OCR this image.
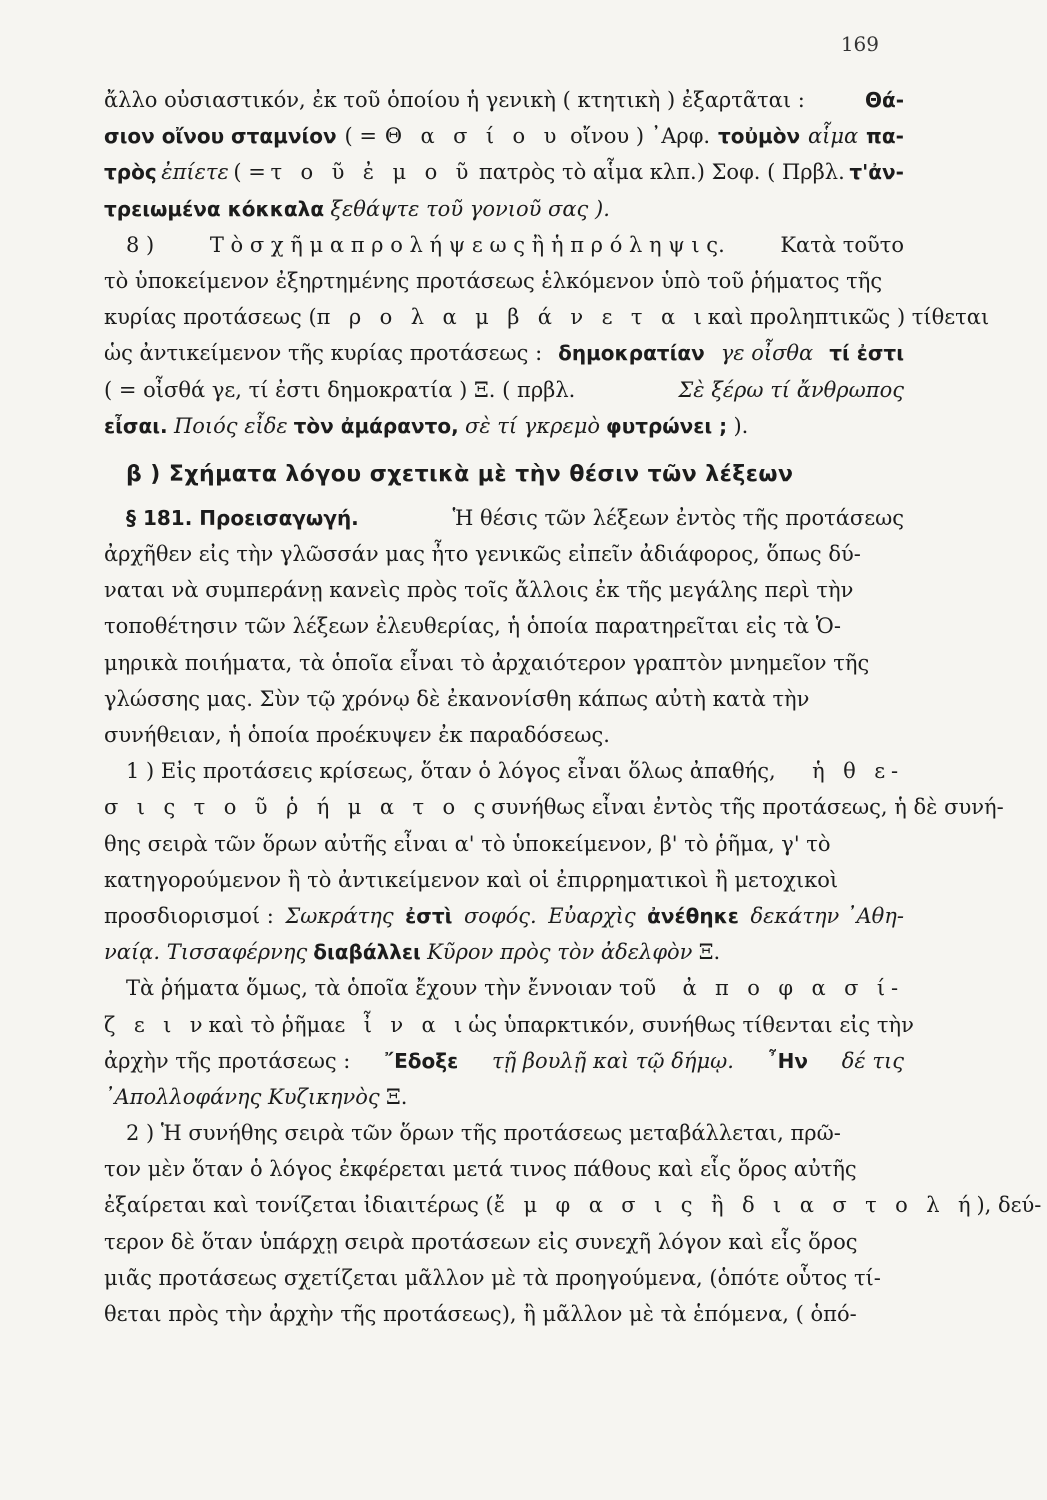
169
ἄλλο οὐσιαστικόν, ἐκ τοῦ ὁποίου ἡ γενικὴ ( κτητικὴ ) ἐξαρτᾶται :	Θά-
σιον οἴνου σταμνίον ( = Θ α σ ί ο υ οἴνου ) ᾿Αρφ. τοὐμὸν αἷμα πα-
τρὸς ἐπίετε ( = τ ο ῦ ἐ μ ο ῦ πατρὸς τὸ αἷμα κλπ.) Σοφ. ( Πρβλ. τ'ἀν-
τρειωμένα κόκκαλα ξεθάψτε τοῦ γονιοῦ σας ).
8 )	Τ ὸ σ χ ῆ μ α π ρ ο λ ή ψ ε ω ς ἢ ἡ π ρ ό λ η ψ ι ς.	Κατὰ τοῦτο
τὸ ὑποκείμενον ἐξηρτημένης προτάσεως ἑλκόμενον ὑπὸ τοῦ ῥήματος τῆς
κυρίας προτάσεως ( π ρ ο λ α μ β ά ν ε τ α ι καὶ προληπτικῶς ) τίθεται
ὡς ἀντικείμενον τῆς κυρίας προτάσεως : δημοκρατίαν γε οἶσθα τί ἐστι
( = οἶσθά γε, τί ἐστι δημοκρατία ) Ξ. ( πρβλ.	Σὲ ξέρω τί ἄνθρωπος
εἶσαι. Ποιός εἶδε τὸν ἀμάραντο, σὲ τί γκρεμὸ φυτρώνει ; ).
β ) Σχήματα λόγου σχετικὰ μὲ τὴν θέσιν τῶν λέξεων
§ 181. Προεισαγωγή.	Ἡ θέσις τῶν λέξεων ἐντὸς τῆς προτάσεως
ἀρχῆθεν εἰς τὴν γλῶσσάν μας ἦτο γενικῶς εἰπεῖν ἀδιάφορος, ὅπως δύ-
ναται νὰ συμπεράνῃ κανεὶς πρὸς τοῖς ἄλλοις ἐκ τῆς μεγάλης περὶ τὴν
τοποθέτησιν τῶν λέξεων ἐλευθερίας, ἡ ὁποία παρατηρεῖται εἰς τὰ Ὁ-
μηρικὰ ποιήματα, τὰ ὁποῖα εἶναι τὸ ἀρχαιότερον γραπτὸν μνημεῖον τῆς
γλώσσης μας. Σὺν τῷ χρόνῳ δὲ ἐκανονίσθη κάπως αὐτὴ κατὰ τὴν
συνήθειαν, ἡ ὁποία προέκυψεν ἐκ παραδόσεως.
1 ) Εἰς προτάσεις κρίσεως, ὅταν ὁ λόγος εἶναι ὅλως ἀπαθής, ἡ θ ε-
σ ι ς τ ο ῦ ῥ ή μ α τ ο ς συνήθως εἶναι ἐντὸς τῆς προτάσεως, ἡ δὲ συνή-
θης σειρὰ τῶν ὅρων αὐτῆς εἶναι α' τὸ ὑποκείμενον, β' τὸ ῥῆμα, γ' τὸ
κατηγορούμενον ἢ τὸ ἀντικείμενον καὶ οἱ ἐπιρρηματικοὶ ἢ μετοχικοὶ
προσδιορισμοί : Σωκράτης ἐστὶ σοφός. Εὐαρχὶς ἀνέθηκε δεκάτην ᾿Αθη-
ναίᾳ. Τισσαφέρνης διαβάλλει Κῦρον πρὸς τὸν ἀδελφὸν Ξ.
Τὰ ῥήματα ὅμως, τὰ ὁποῖα ἔχουν τὴν ἔννοιαν τοῦ ἀ π ο φ α σ ί-
ζ ε ι ν καὶ τὸ ῥῆμα ε ἶ ν α ι ὡς ὑπαρκτικόν, συνήθως τίθενται εἰς τὴν
ἀρχὴν τῆς προτάσεως : ῎Εδοξε τῇ βουλῇ καὶ τῷ δήμῳ. ῏Ην δέ τις
᾿Απολλοφάνης Κυζικηνὸς Ξ.
2 ) Ἡ συνήθης σειρὰ τῶν ὅρων τῆς προτάσεως μεταβάλλεται, πρῶ-
τον μὲν ὅταν ὁ λόγος ἐκφέρεται μετά τινος πάθους καὶ εἷς ὅρος αὐτῆς
ἐξαίρεται καὶ τονίζεται ἰδιαιτέρως ( ἔ μ φ α σ ι ς ἢ δ ι α σ τ ο λ ή ), δεύ-
τερον δὲ ὅταν ὑπάρχῃ σειρὰ προτάσεων εἰς συνεχῆ λόγον καὶ εἷς ὅρος
μιᾶς προτάσεως σχετίζεται μᾶλλον μὲ τὰ προηγούμενα, (ὁπότε οὗτος τί-
θεται πρὸς τὴν ἀρχὴν τῆς προτάσεως), ἢ μᾶλλον μὲ τὰ ἑπόμενα, ( ὁπό-
